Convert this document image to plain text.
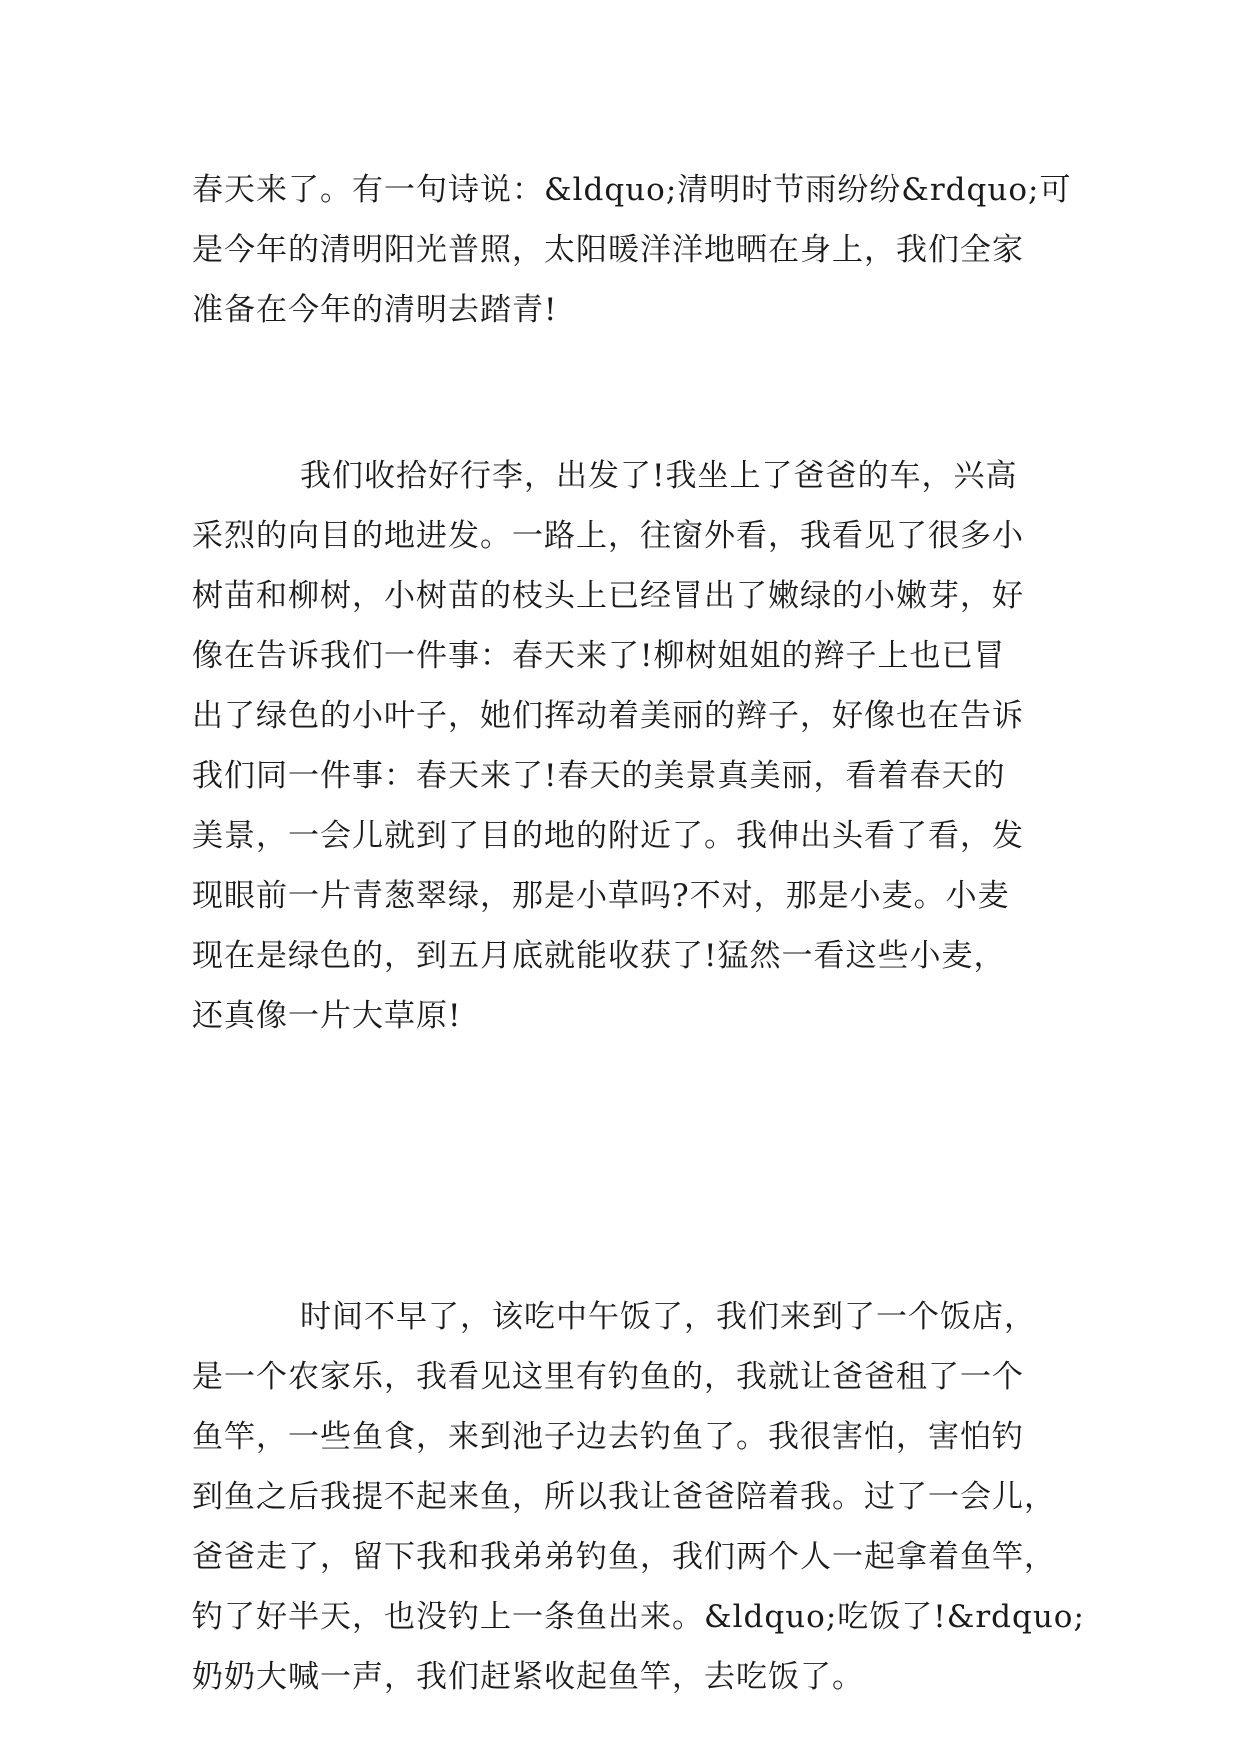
春天来了。有一句诗说：&ldquo;清明时节雨纷纷&rdquo;可
是今年的清明阳光普照，太阳暖洋洋地晒在身上，我们全家
准备在今年的清明去踏青!
我们收拾好行李，出发了!我坐上了爸爸的车，兴高
采烈的向目的地进发。一路上，往窗外看，我看见了很多小
树苗和柳树，小树苗的枝头上已经冒出了嫩绿的小嫩芽，好
像在告诉我们一件事：春天来了!柳树姐姐的辫子上也已冒
出了绿色的小叶子，她们挥动着美丽的辫子，好像也在告诉
我们同一件事：春天来了!春天的美景真美丽，看着春天的
美景，一会儿就到了目的地的附近了。我伸出头看了看，发
现眼前一片青葱翠绿，那是小草吗?不对，那是小麦。小麦
现在是绿色的，到五月底就能收获了!猛然一看这些小麦，
还真像一片大草原!
时间不早了，该吃中午饭了，我们来到了一个饭店，
是一个农家乐，我看见这里有钓鱼的，我就让爸爸租了一个
鱼竿，一些鱼食，来到池子边去钓鱼了。我很害怕，害怕钓
到鱼之后我提不起来鱼，所以我让爸爸陪着我。过了一会儿，
爸爸走了，留下我和我弟弟钓鱼，我们两个人一起拿着鱼竿，
钓了好半天，也没钓上一条鱼出来。&ldquo;吃饭了!&rdquo;
奶奶大喊一声，我们赶紧收起鱼竿，去吃饭了。
